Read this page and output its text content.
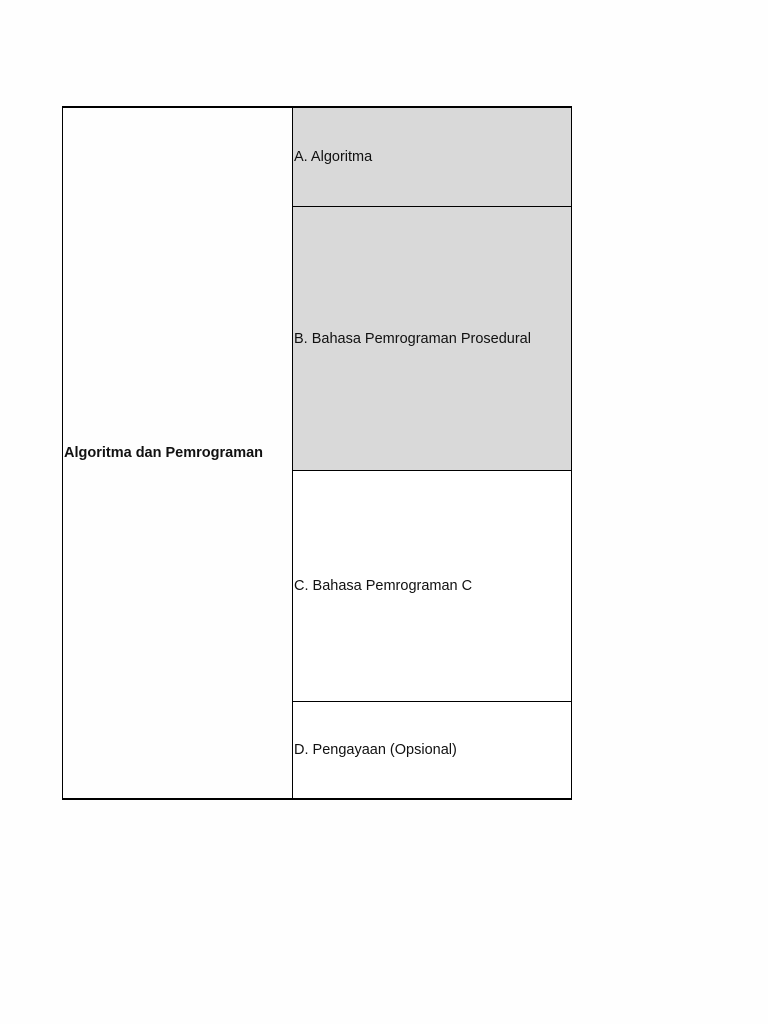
Algoritma dan Pemrograman
A. Algoritma
B. Bahasa Pemrograman Prosedural
C. Bahasa Pemrograman C
D. Pengayaan (Opsional)
